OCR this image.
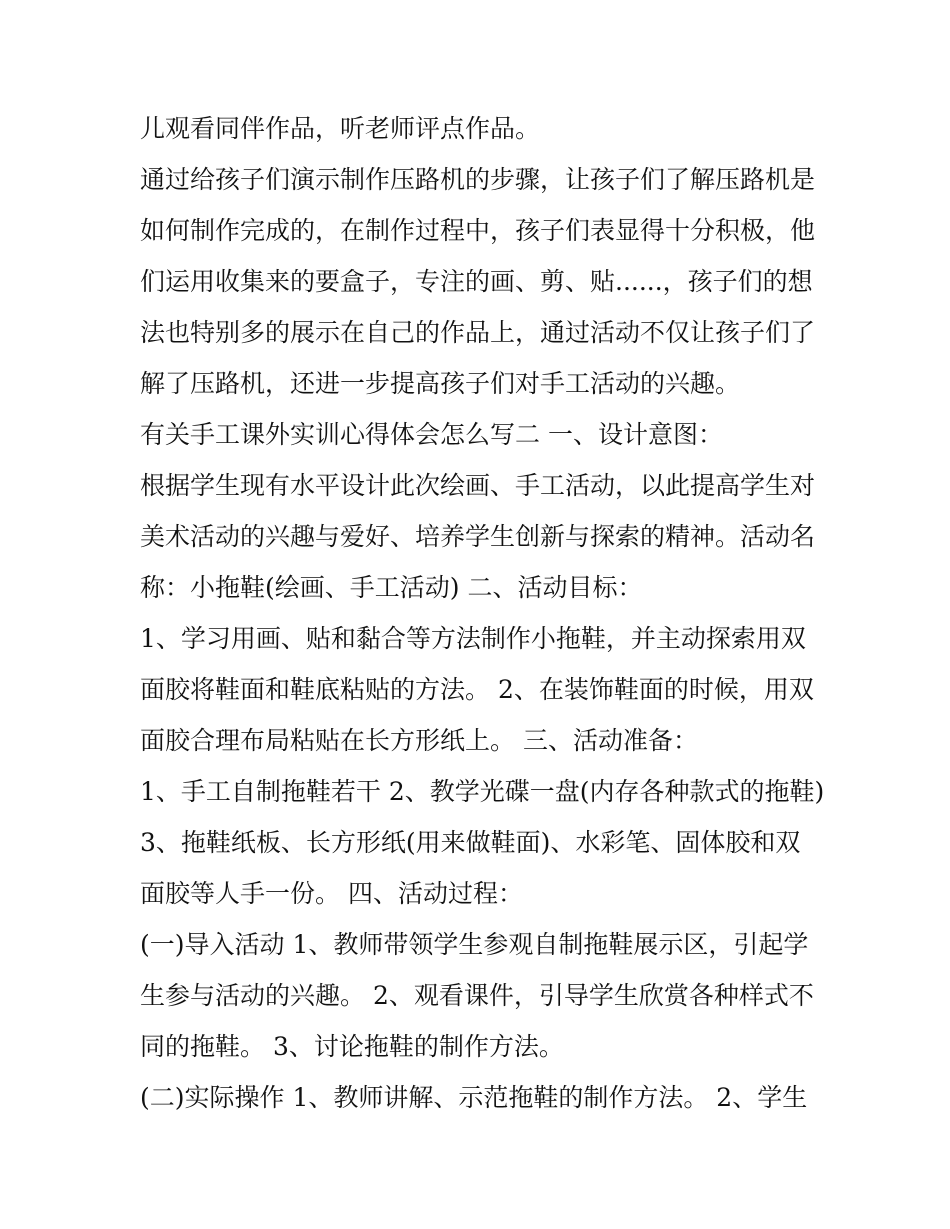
儿观看同伴作品，听老师评点作品。
通过给孩子们演示制作压路机的步骤，让孩子们了解压路机是
如何制作完成的，在制作过程中，孩子们表显得十分积极，他
们运用收集来的要盒子，专注的画、剪、贴......，孩子们的想
法也特别多的展示在自己的作品上，通过活动不仅让孩子们了
解了压路机，还进一步提高孩子们对手工活动的兴趣。
有关手工课外实训心得体会怎么写二 一、设计意图：
根据学生现有水平设计此次绘画、手工活动，以此提高学生对
美术活动的兴趣与爱好、培养学生创新与探索的精神。活动名
称：小拖鞋(绘画、手工活动) 二、活动目标：
1、学习用画、贴和黏合等方法制作小拖鞋，并主动探索用双
面胶将鞋面和鞋底粘贴的方法。 2、在装饰鞋面的时候，用双
面胶合理布局粘贴在长方形纸上。 三、活动准备：
1、手工自制拖鞋若干 2、教学光碟一盘(内存各种款式的拖鞋)
3、拖鞋纸板、长方形纸(用来做鞋面)、水彩笔、固体胶和双
面胶等人手一份。 四、活动过程：
(一)导入活动 1、教师带领学生参观自制拖鞋展示区，引起学
生参与活动的兴趣。 2、观看课件，引导学生欣赏各种样式不
同的拖鞋。 3、讨论拖鞋的制作方法。
(二)实际操作 1、教师讲解、示范拖鞋的制作方法。 2、学生
